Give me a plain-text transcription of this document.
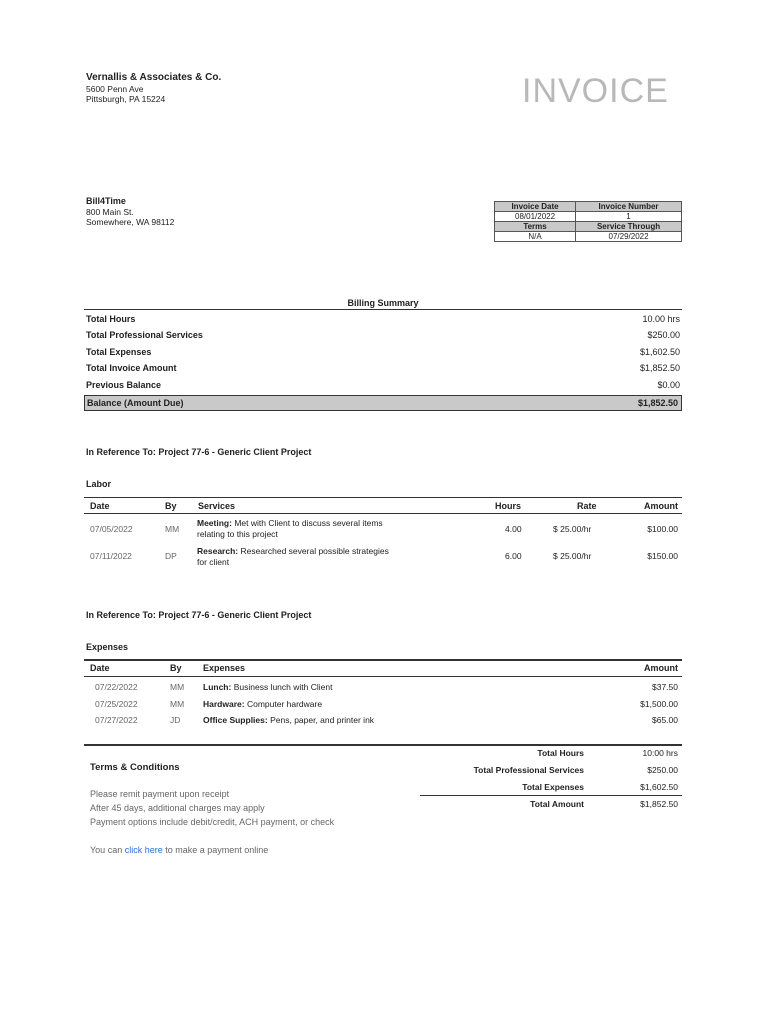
Vernallis & Associates & Co.
5600 Penn Ave
Pittsburgh, PA 15224	INVOICE
Bill4Time
800 Main St.
Somewhere, WA 98112
Invoice Date	Invoice Number
08/01/2022	1
Terms	Service Through
N/A	07/29/2022
Billing Summary
Total Hours	10.00 hrs
Total Professional Services	$250.00
Total Expenses	$1,602.50
Total Invoice Amount	$1,852.50
Previous Balance	$0.00
Balance (Amount Due)	$1,852.50
In Reference To: Project 77-6 - Generic Client Project
Labor
Date	By Services	Hours	Rate	Amount
07/05/2022	MM
Meeting: Met with Client to discuss several items
relating to this project	4.00	$ 25.00/hr	$100.00
07/11/2022	DP Research: Researched several possible strategies
for client
6.00	$ 25.00/hr	$150.00
In Reference To: Project 77-6 - Generic Client Project
Expenses
Date	By Expenses	Amount
07/22/2022	MM Lunch: Business lunch with Client	$37.50
07/25/2022	MM Hardware: Computer hardware	$1,500.00
07/27/2022	JD	Office Supplies: Pens, paper, and printer ink	$65.00
Total Hours	10:00 hrs
Total Professional Services	$250.00
Total Expenses	$1,602.50
Total Amount	$1,852.50
Terms & Conditions
Please remit payment upon receipt
After 45 days, additional charges may apply
Payment options include debit/credit, ACH payment, or check
You can click here to make a payment online
